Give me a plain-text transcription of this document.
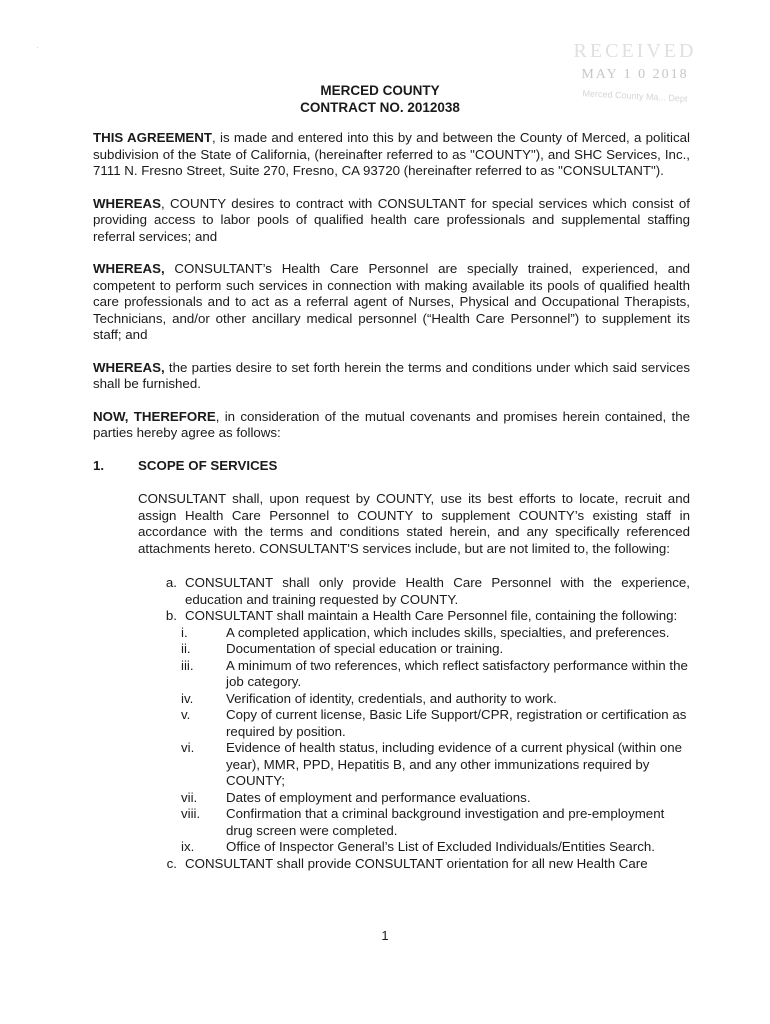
·	RECEIVED
MAY 1 0 2018
Merced County Ma... Dept
MERCED COUNTY
CONTRACT NO. 2012038

THIS AGREEMENT, is made and entered into this by and between the County of Merced, a political subdivision of the State of California, (hereinafter referred to as "COUNTY"), and SHC Services, Inc., 7111 N. Fresno Street, Suite 270, Fresno, CA 93720 (hereinafter referred to as "CONSULTANT").

WHEREAS, COUNTY desires to contract with CONSULTANT for special services which consist of providing access to labor pools of qualified health care professionals and supplemental staffing referral services; and

WHEREAS, CONSULTANT’s Health Care Personnel are specially trained, experienced, and competent to perform such services in connection with making available its pools of qualified health care professionals and to act as a referral agent of Nurses, Physical and Occupational Therapists, Technicians, and/or other ancillary medical personnel (“Health Care Personnel”) to supplement its staff; and

WHEREAS, the parties desire to set forth herein the terms and conditions under which said services shall be furnished.

NOW, THEREFORE, in consideration of the mutual covenants and promises herein contained, the parties hereby agree as follows:

1.	SCOPE OF SERVICES

CONSULTANT shall, upon request by COUNTY, use its best efforts to locate, recruit and assign Health Care Personnel to COUNTY to supplement COUNTY’s existing staff in accordance with the terms and conditions stated herein, and any specifically referenced attachments hereto. CONSULTANT'S services include, but are not limited to, the following:

a. CONSULTANT shall only provide Health Care Personnel with the experience, education and training requested by COUNTY.
b. CONSULTANT shall maintain a Health Care Personnel file, containing the following:
i.	A completed application, which includes skills, specialties, and preferences.
ii.	Documentation of special education or training.
iii.	A minimum of two references, which reflect satisfactory performance within the job category.
iv.	Verification of identity, credentials, and authority to work.
v.	Copy of current license, Basic Life Support/CPR, registration or certification as required by position.
vi.	Evidence of health status, including evidence of a current physical (within one year), MMR, PPD, Hepatitis B, and any other immunizations required by COUNTY;
vii.	Dates of employment and performance evaluations.
viii.	Confirmation that a criminal background investigation and pre-employment drug screen were completed.
ix.	Office of Inspector General’s List of Excluded Individuals/Entities Search.
c. CONSULTANT shall provide CONSULTANT orientation for all new Health Care
1
